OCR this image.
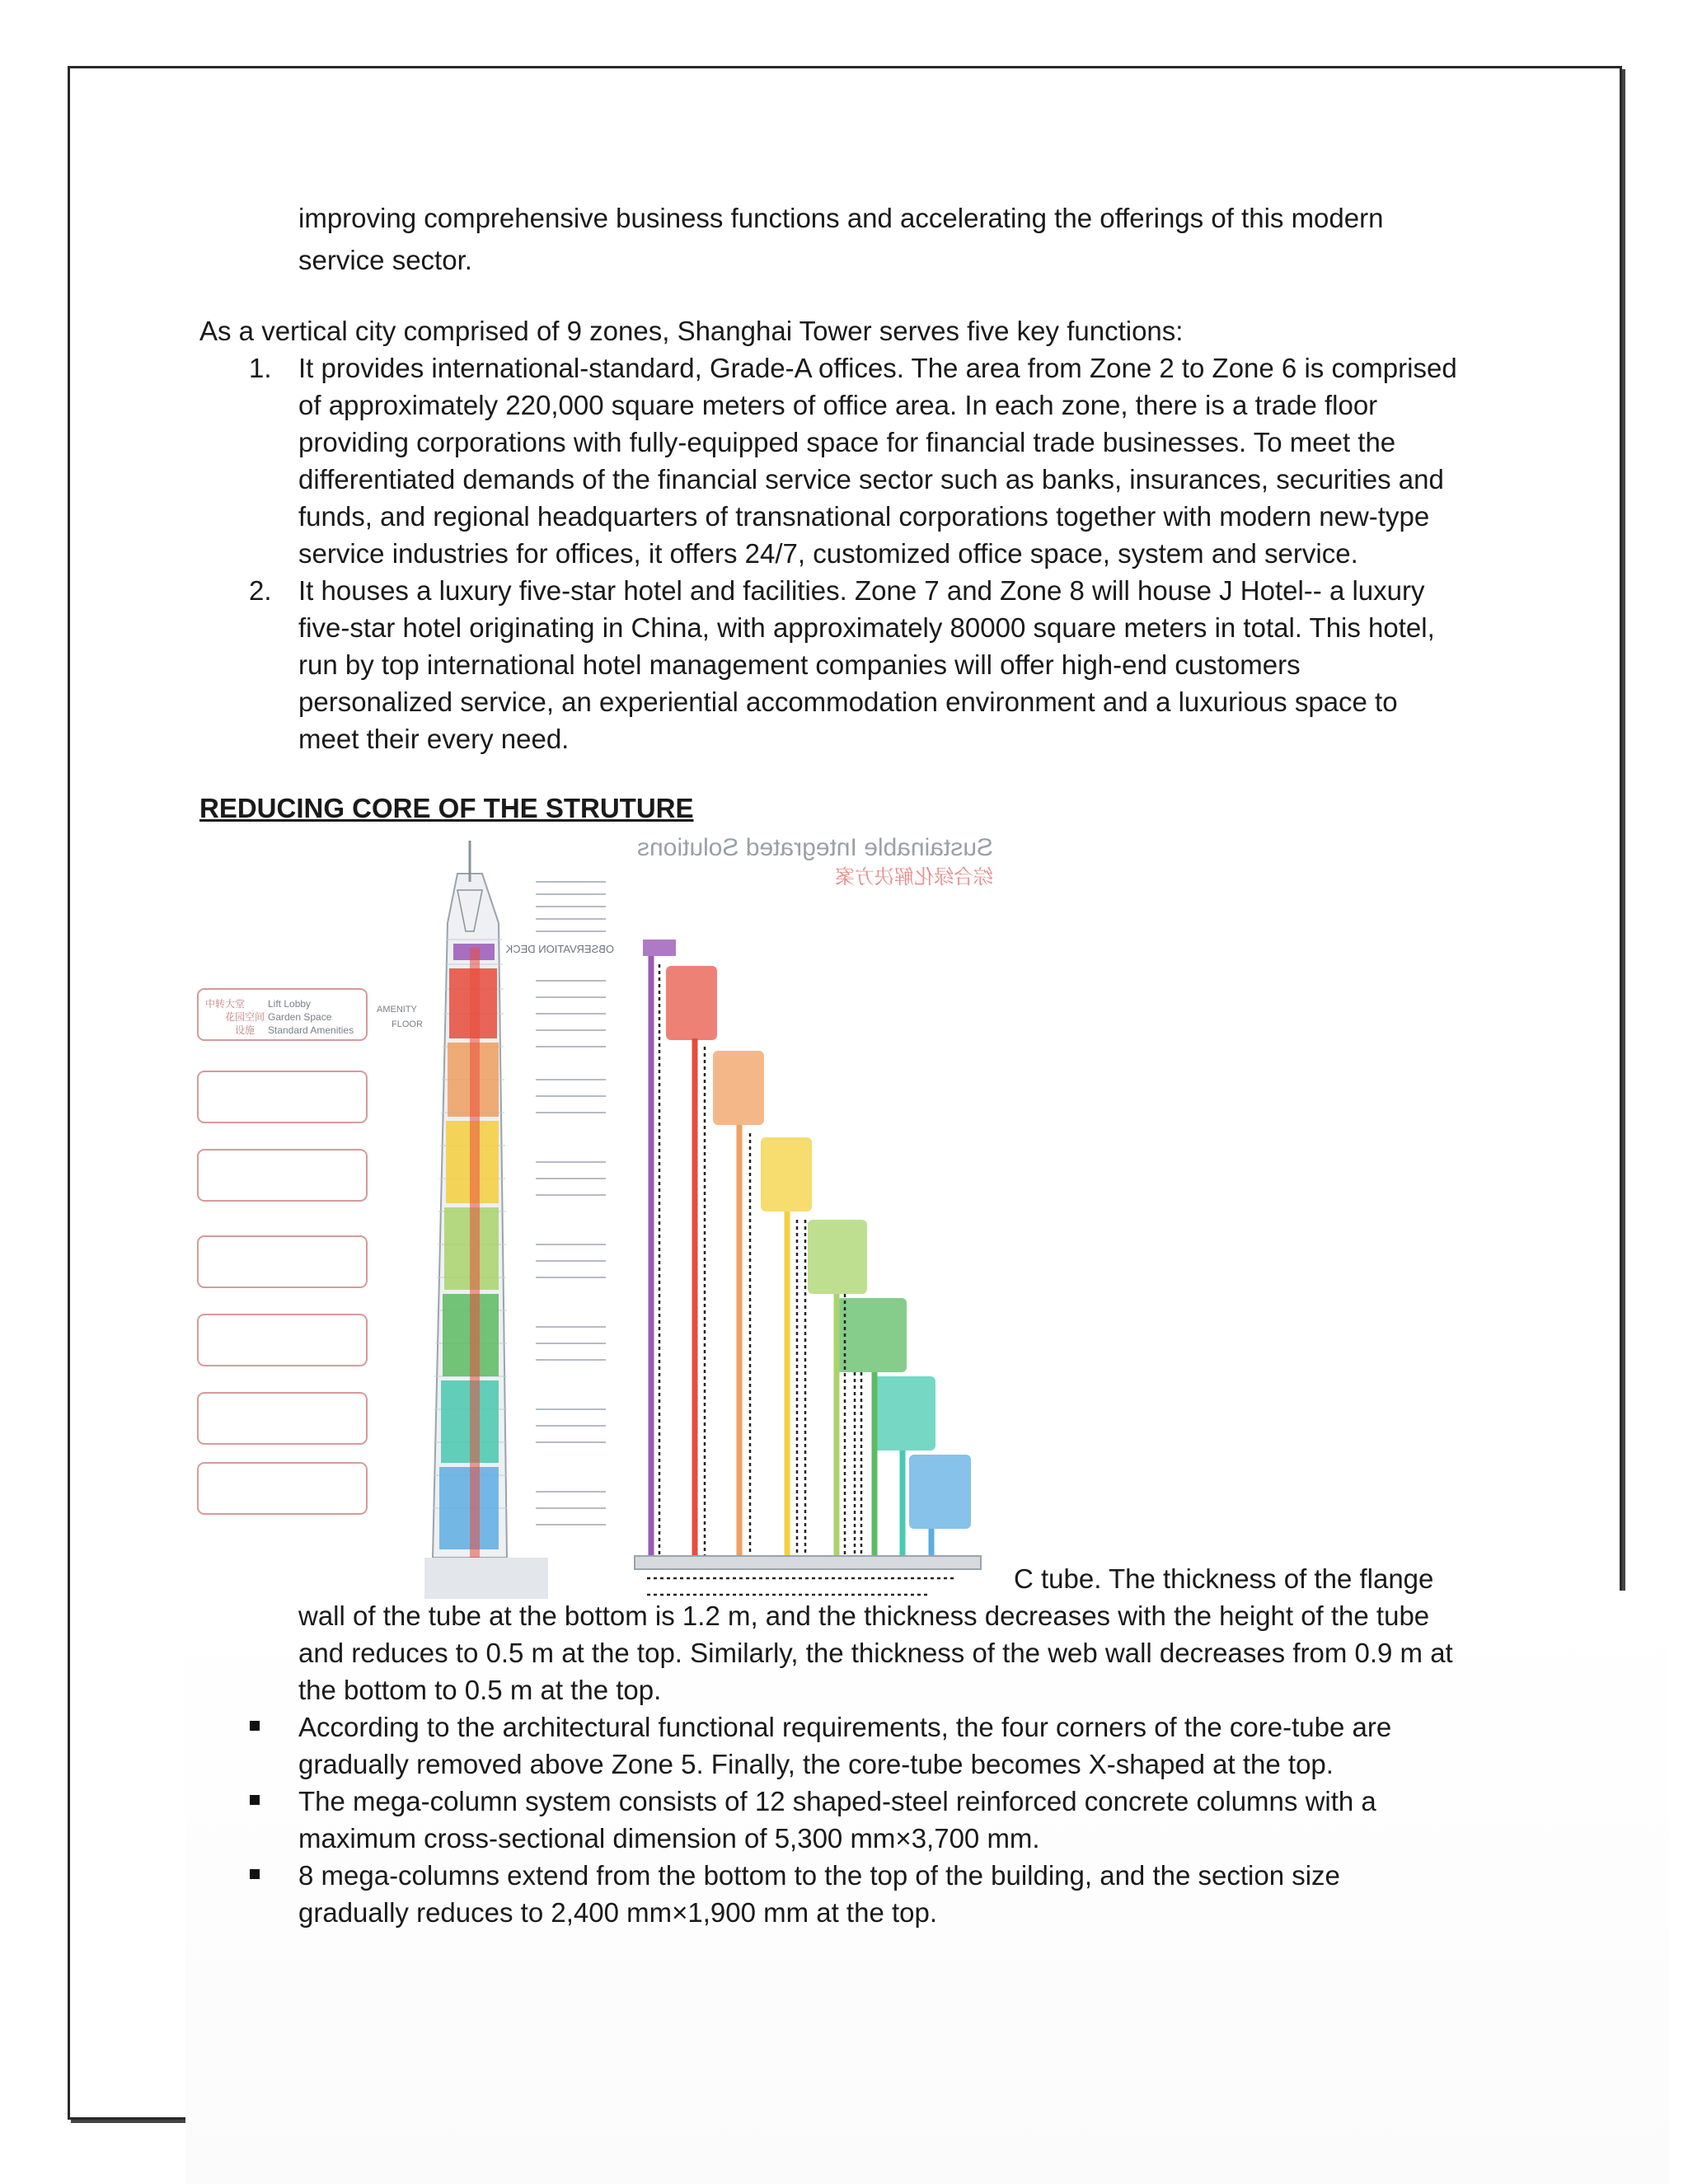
improving comprehensive business functions and accelerating the offerings of this modern

service sector.

As a vertical city comprised of 9 zones, Shanghai Tower serves five key functions:

1. It provides international-standard, Grade-A offices. The area from Zone 2 to Zone 6 is comprised

of approximately 220,000 square meters of office area. In each zone, there is a trade floor

providing corporations with fully-equipped space for financial trade businesses. To meet the

differentiated demands of the financial service sector such as banks, insurances, securities and

funds, and regional headquarters of transnational corporations together with modern new-type

service industries for offices, it offers 24/7, customized office space, system and service.

2. It houses a luxury five-star hotel and facilities. Zone 7 and Zone 8 will house J Hotel-- a luxury

five-star hotel originating in China, with approximately 80000 square meters in total. This hotel,

run by top international hotel management companies will offer high-end customers

personalized service, an experiential accommodation environment and a luxurious space to

meet their every need.

REDUCING CORE OF THE STRUTURE
Sustainable Integrated Solutions
综合绿化解决方案
OBSERVATION DECK
Lift Lobby
Garden Space
Standard Amenities
中转大堂
花园空间
设施
AMENITY
FLOOR

C tube. The thickness of the flange

wall of the tube at the bottom is 1.2 m, and the thickness decreases with the height of the tube

and reduces to 0.5 m at the top. Similarly, the thickness of the web wall decreases from 0.9 m at

the bottom to 0.5 m at the top.

According to the architectural functional requirements, the four corners of the core-tube are

gradually removed above Zone 5. Finally, the core-tube becomes X-shaped at the top.

The mega-column system consists of 12 shaped-steel reinforced concrete columns with a

maximum cross-sectional dimension of 5,300 mm×3,700 mm.

8 mega-columns extend from the bottom to the top of the building, and the section size

gradually reduces to 2,400 mm×1,900 mm at the top.
